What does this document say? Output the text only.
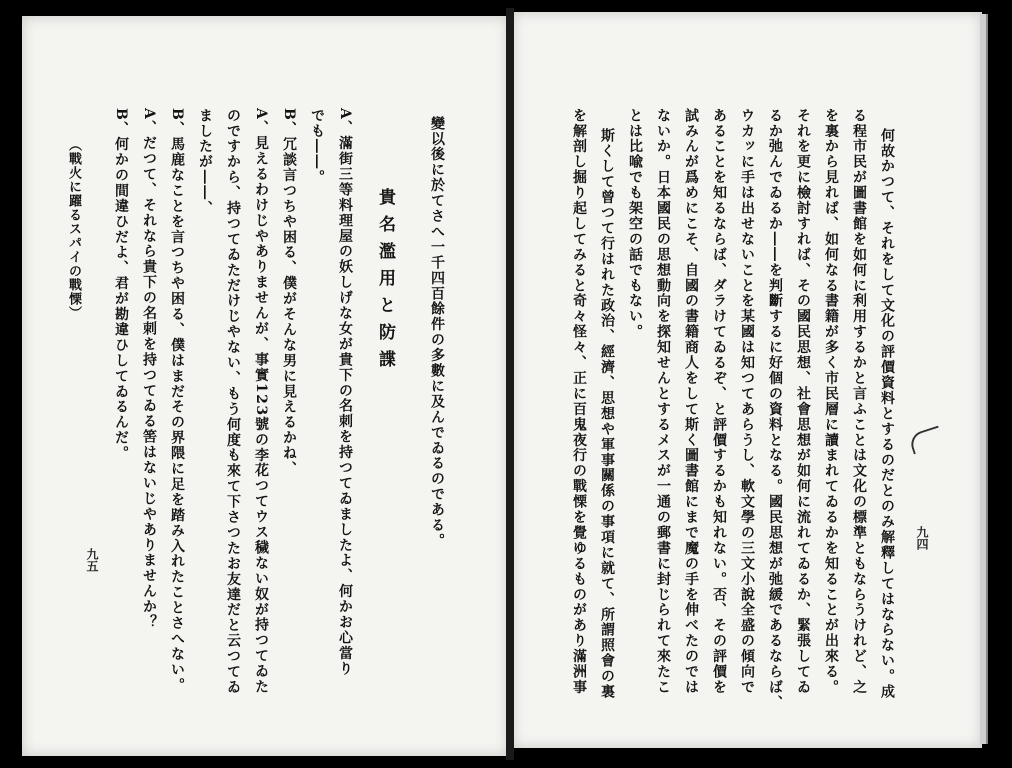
九四
何故かつて、それをして文化の評價資料とするのだとのみ解釋してはならない。成
る程市民が圖書館を如何に利用するかと言ふことは文化の標準ともならうけれど、之
を裏から見れば、如何なる書籍が多く市民層に讀まれてゐるかを知ることが出來る。
それを更に檢討すれば、その國民思想、社會思想が如何に流れてゐるか、緊張してゐ
るか弛んでゐるか――を判斷するに好個の資料となる。國民思想が弛緩であるならば、
ウカッに手は出せないことを某國は知つてあらうし、軟文學の三文小說全盛の傾向で
あることを知るならば、ダラけてゐるぞ、と評價するかも知れない。否、その評價を
試みんが爲めにこそ、自國の書籍商人をして斯く圖書館にまで魔の手を伸べたのでは
ないか。日本國民の思想動向を探知せんとするメスが一通の郵書に封じられて來たこ
とは比喩でも架空の話でもない。
斯くして曾つて行はれた政治、經濟、思想や軍事關係の事項に就て、所謂照會の裏
を解剖し掘り起してみると奇々怪々、正に百鬼夜行の戰慄を覺ゆるものがあり滿洲事
變以後に於てさへ一千四百餘件の多數に及んでゐるのである。
貴名濫用と防諜
A、滿街三等料理屋の妖しげな女が貴下の名刺を持つてゐましたよ、何かお心當り
でも――。
B、冗談言つちや困る、僕がそんな男に見えるかね、
A、見えるわけじやありませんが、事實123號の李花つてウス穢ない奴が持つてゐた
のですから、持つてゐただけじやない、もう何度も來て下さつたお友達だと云つてゐ
ましたが――、
B、馬鹿なことを言つちや困る、僕はまだその界隈に足を踏み入れたことさへない。
A、だつて、それなら貴下の名刺を持つてゐる筈はないじやありませんか？
B、何かの間違ひだよ、君が勘違ひしてゐるんだ。
（戰火に躍るスパイの戰慄）
九五
